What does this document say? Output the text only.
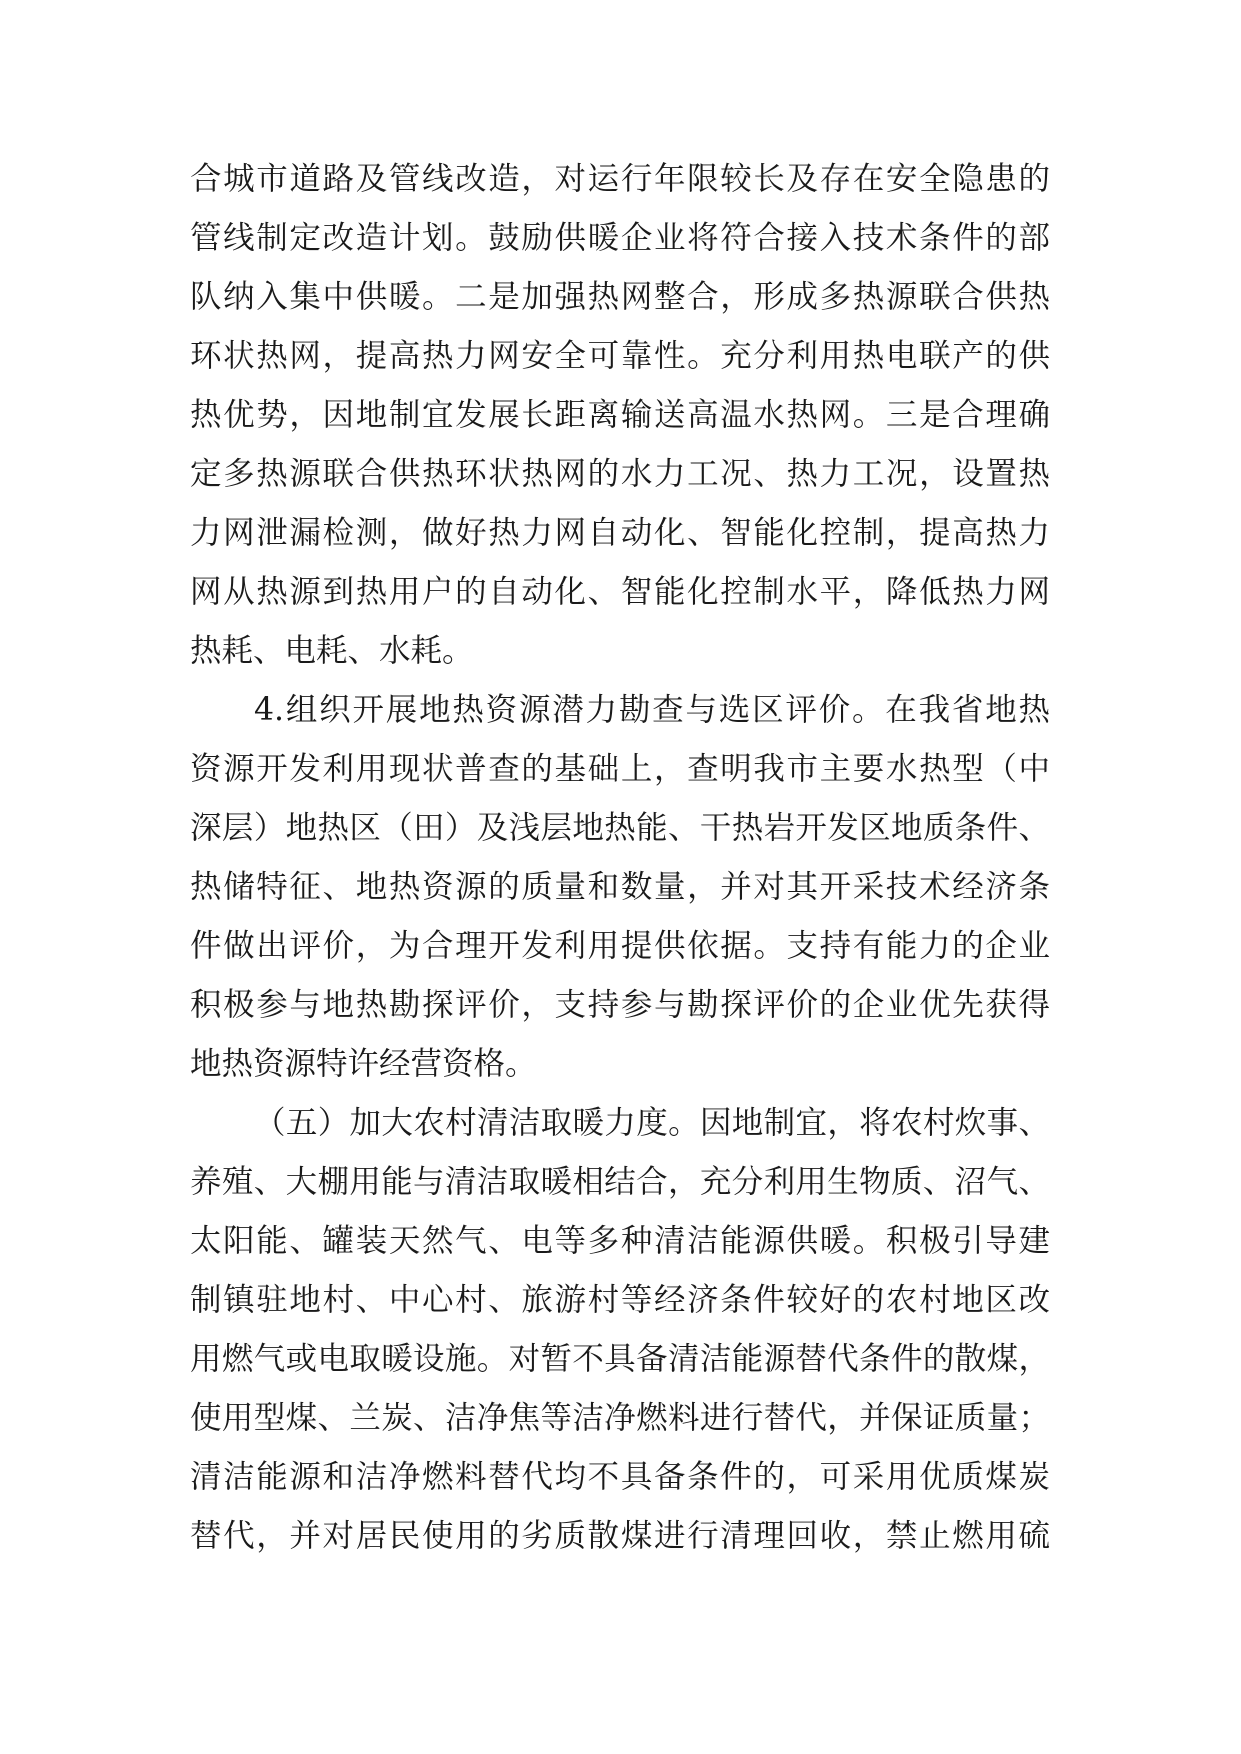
合城市道路及管线改造，对运行年限较长及存在安全隐患的
管线制定改造计划。鼓励供暖企业将符合接入技术条件的部
队纳入集中供暖。二是加强热网整合，形成多热源联合供热
环状热网，提高热力网安全可靠性。充分利用热电联产的供
热优势，因地制宜发展长距离输送高温水热网。三是合理确
定多热源联合供热环状热网的水力工况、热力工况，设置热
力网泄漏检测，做好热力网自动化、智能化控制，提高热力
网从热源到热用户的自动化、智能化控制水平，降低热力网
热耗、电耗、水耗。
4.组织开展地热资源潜力勘查与选区评价。在我省地热
资源开发利用现状普查的基础上，查明我市主要水热型（中
深层）地热区（田）及浅层地热能、干热岩开发区地质条件、
热储特征、地热资源的质量和数量，并对其开采技术经济条
件做出评价，为合理开发利用提供依据。支持有能力的企业
积极参与地热勘探评价，支持参与勘探评价的企业优先获得
地热资源特许经营资格。
（五）加大农村清洁取暖力度。因地制宜，将农村炊事、
养殖、大棚用能与清洁取暖相结合，充分利用生物质、沼气、
太阳能、罐装天然气、电等多种清洁能源供暖。积极引导建
制镇驻地村、中心村、旅游村等经济条件较好的农村地区改
用燃气或电取暖设施。对暂不具备清洁能源替代条件的散煤，
使用型煤、兰炭、洁净焦等洁净燃料进行替代，并保证质量；
清洁能源和洁净燃料替代均不具备条件的，可采用优质煤炭
替代，并对居民使用的劣质散煤进行清理回收，禁止燃用硫
